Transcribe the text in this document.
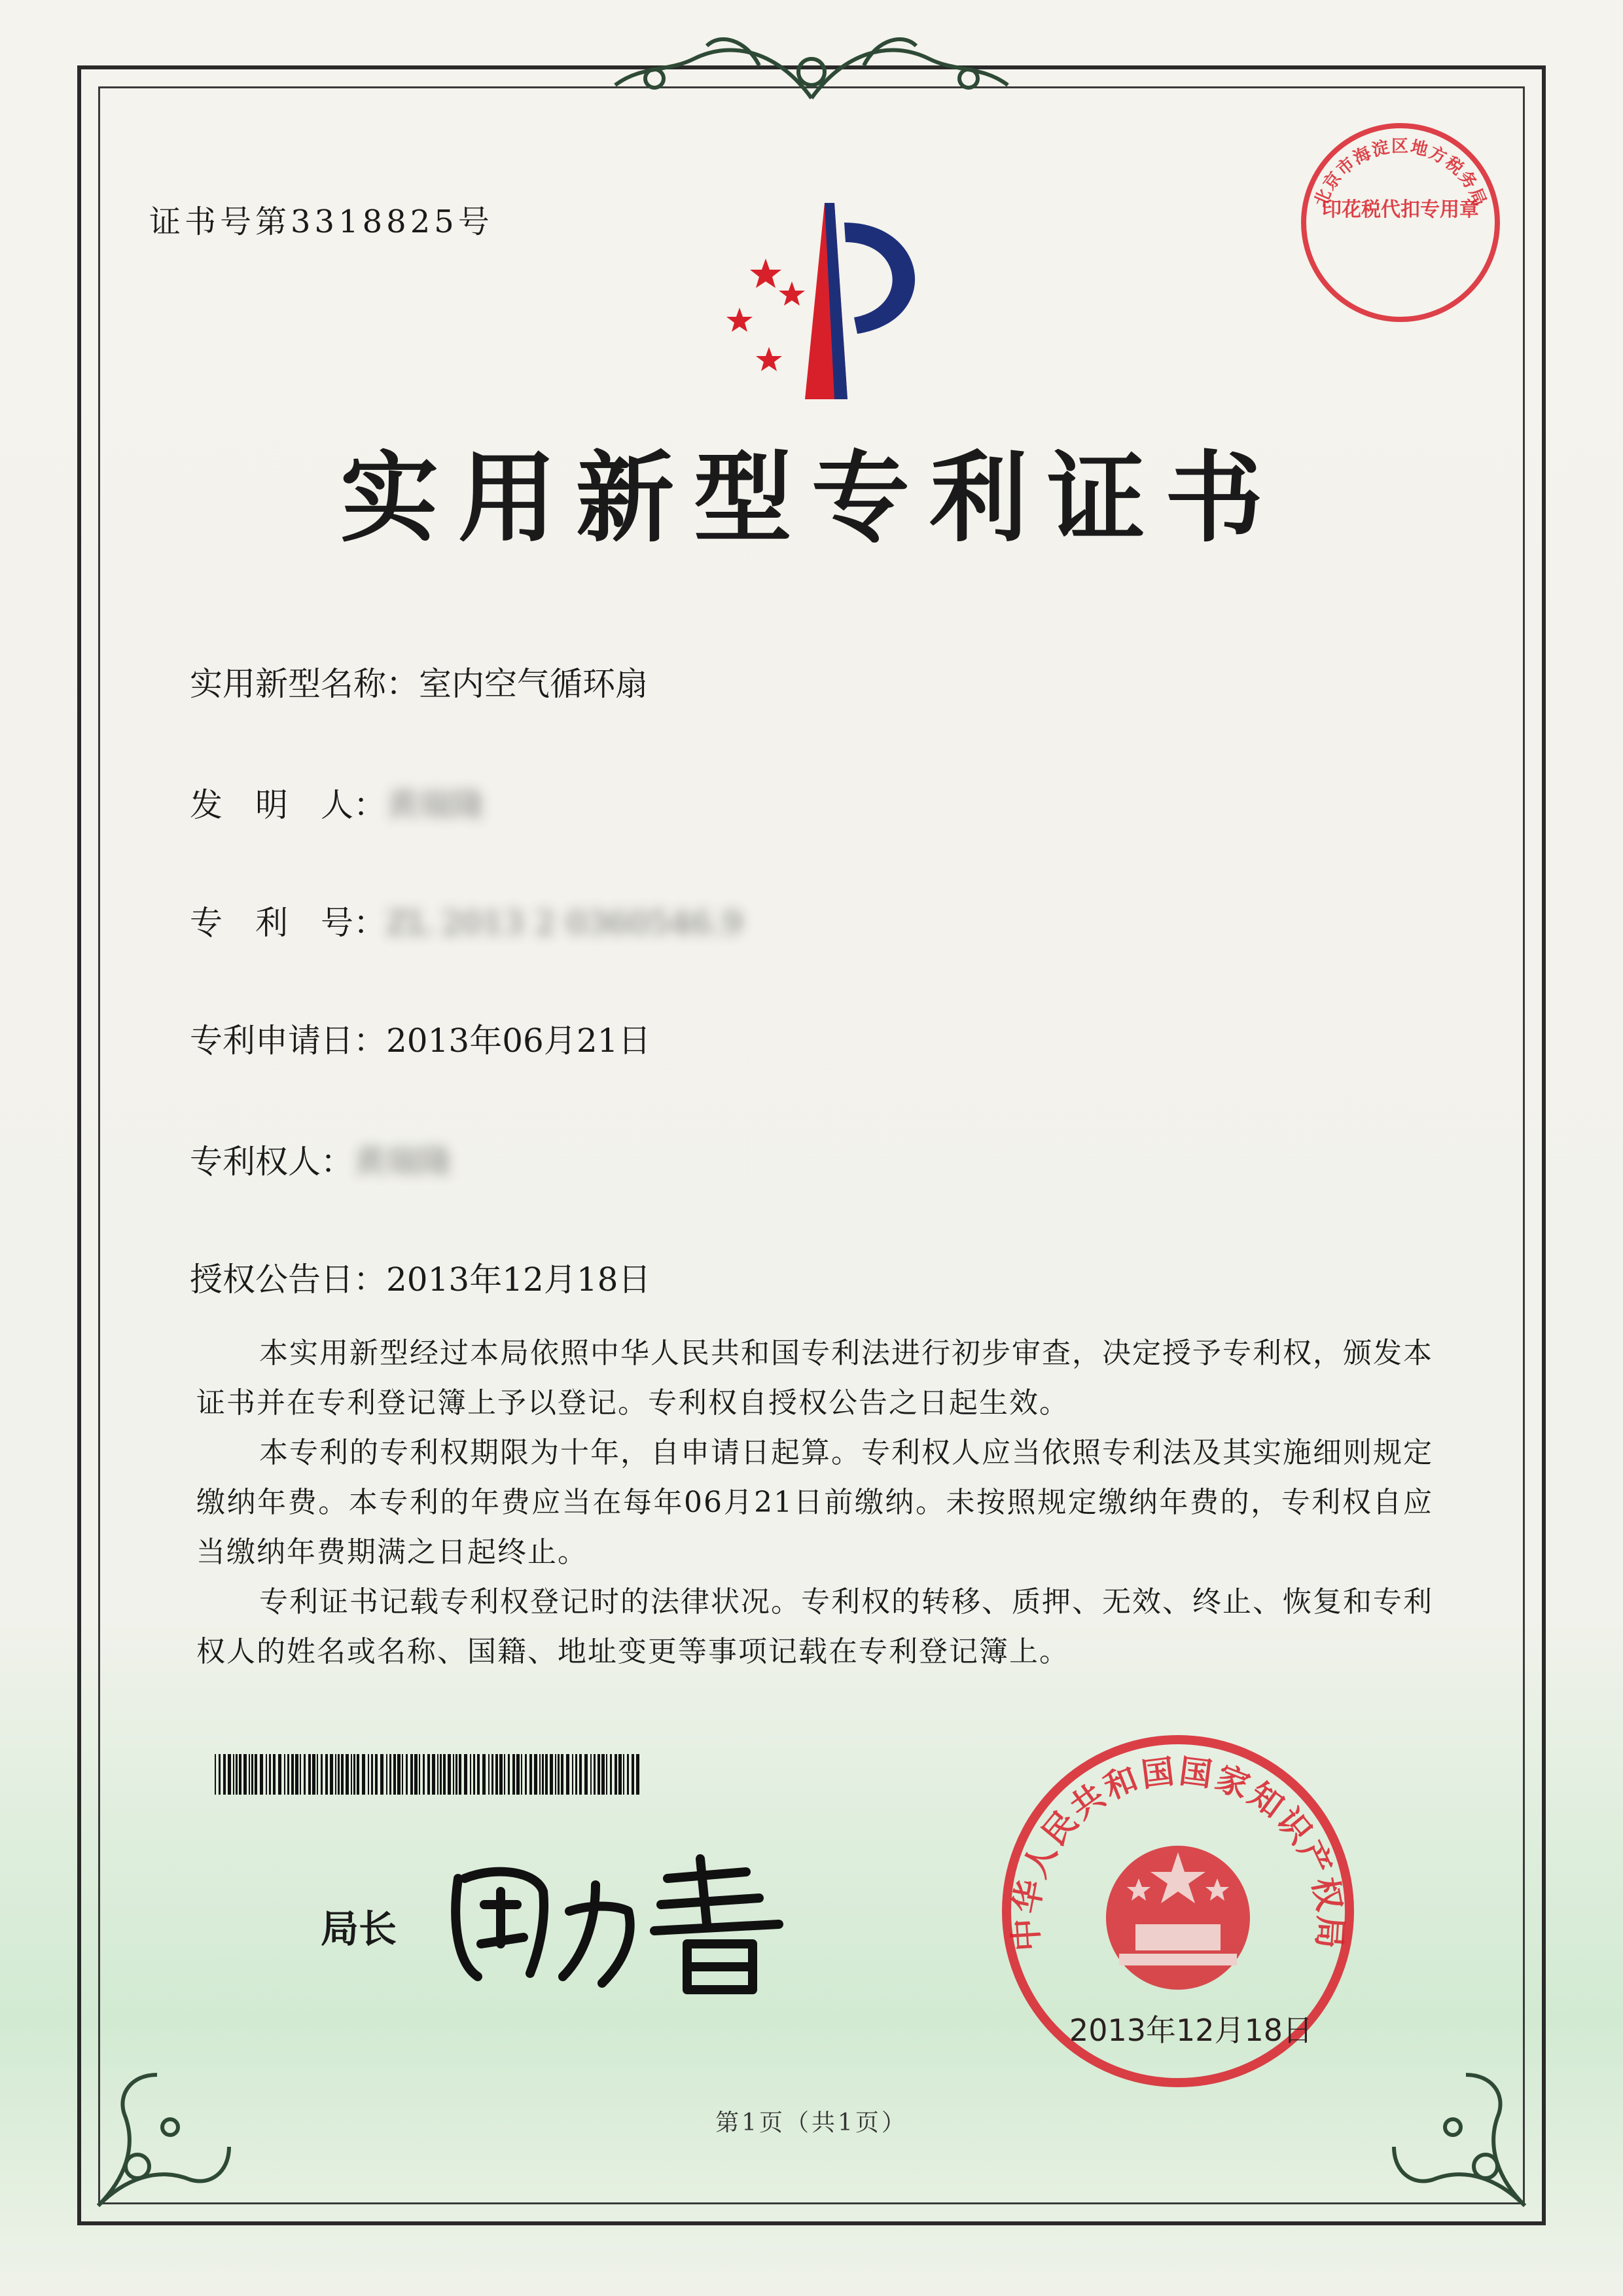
证书号第3318825号
实用新型专利证书
实用新型名称：室内空气循环扇
发　明　人：黄瑞隆
专　利　号：ZL 2013 2 0360546.9
专利申请日：2013年06月21日
专利权人：黄瑞隆
授权公告日：2013年12月18日

本实用新型经过本局依照中华人民共和国专利法进行初步审查，决定授予专利权，颁发本证书并在专利登记簿上予以登记。专利权自授权公告之日起生效。

本专利的专利权期限为十年，自申请日起算。专利权人应当依照专利法及其实施细则规定缴纳年费。本专利的年费应当在每年06月21日前缴纳。未按照规定缴纳年费的，专利权自应当缴纳年费期满之日起终止。

专利证书记载专利权登记时的法律状况。专利权的转移、质押、无效、终止、恢复和专利权人的姓名或名称、国籍、地址变更等事项记载在专利登记簿上。

局长	中华人民共和国国家知识产权局
2013年12月18日
北京市海淀区地方税务局
印花税代扣专用章
第1页（共1页）
